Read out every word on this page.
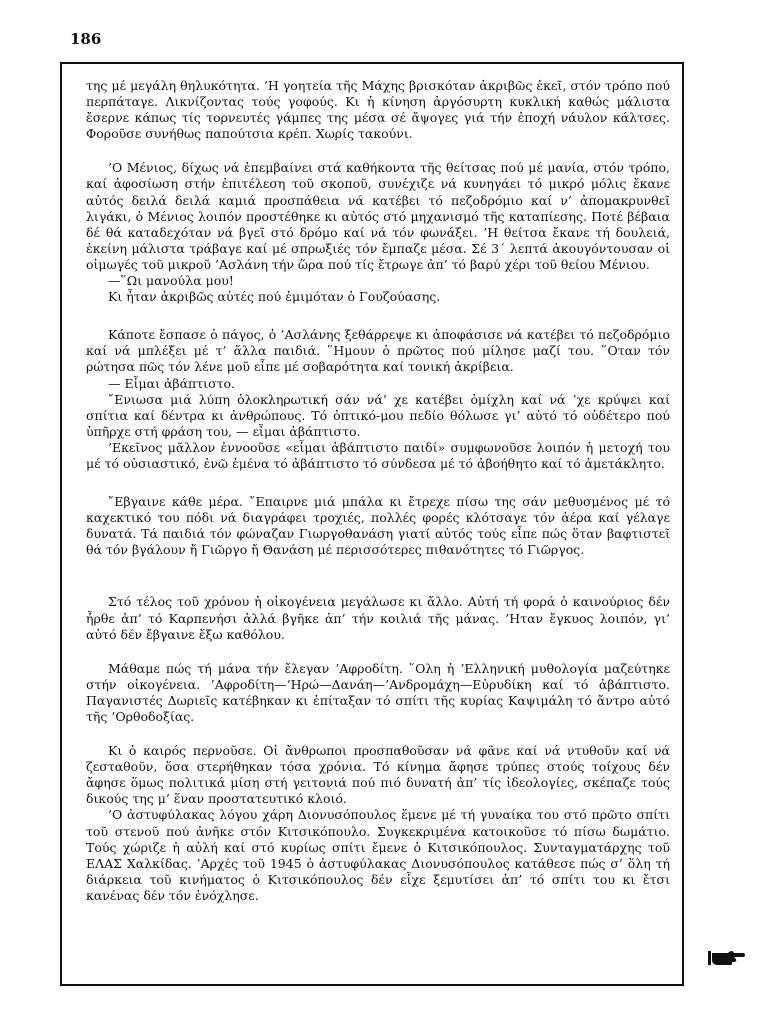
186

της μέ μεγάλη θηλυκότητα. ’Η γοητεία τῆς Μάχης βρισκόταν ἀκριβῶς ἐκεῖ, στόν τρόπο πού περπάταγε. Λικνίζοντας τούς γοφούς. Κι ἡ κίνηση ἀργόσυρτη κυκλική καθώς μάλιστα ἔσερνε κάπως τίς τορνευτές γάμπες της μέσα σέ ἄψογες γιά τήν ἐποχή νάυλον κάλτσες. Φοροῦσε συνήθως παπούτσια κρέπ. Χωρίς τακούνι.

’Ο Μένιος, δίχως νά ἐπεμβαίνει στά καθήκοντα τῆς θείτσας πού μέ μανία, στόν τρόπο, καί ἀφοσίωση στήν ἐπιτέλεση τοῦ σκοποῦ, συνέχιζε νά κυνηγάει τό μικρό μόλις ἔκανε αὐτός δειλά δειλά καμιά προσπάθεια νά κατέβει τό πεζοδρόμιο καί ν’ ἀπομακρυνθεῖ λιγάκι, ὁ Μένιος λοιπόν προστέθηκε κι αὐτός στό μηχανισμό τῆς καταπίεσης. Ποτέ βέβαια δέ θά καταδεχόταν νά βγεῖ στό δρόμο καί νά τόν φωνάξει. ’Η θείτσα ἔκανε τή δουλειά, ἐκείνη μάλιστα τράβαγε καί μέ σπρωξιές τόν ἔμπαζε μέσα. Σέ 3΄ λεπτά ἀκουγόντουσαν οἱ οἰμωγές τοῦ μικροῦ ’Ασλάνη τήν ὥρα πού τίς ἔτρωγε ἀπ’ τό βαρύ χέρι τοῦ θείου Μένιου.

—῞Ωι μανούλα μου!

Κι ἦταν ἀκριβῶς αὐτές πού ἐμιμόταν ὁ Γουζούασης.

Κάποτε ἔσπασε ὁ πάγος, ὁ ’Ασλάνης ξεθάρρεψε κι ἀποφάσισε νά κατέβει τό πεζοδρόμιο καί νά μπλέξει μέ τ’ ἄλλα παιδιά. ῞Ημουν ὁ πρῶτος πού μίλησε μαζί του. ῞Οταν τόν ρώτησα πῶς τόν λένε μοῦ εἶπε μέ σοβαρότητα καί τονική ἀκρίβεια.

— Εἶμαι ἀβάπτιστο.

῎Ενιωσα μιά λύπη ὁλοκληρωτική σάν νά’ χε κατέβει ὁμίχλη καί νά ’χε κρύψει καί σπίτια καί δέντρα κι ἀνθρώπους. Τό ὀπτικό-μου πεδίο θόλωσε γι’ αὐτό τό οὐδέτερο πού ὑπῆρχε στή φράση του, — εἶμαι ἀβάπτιστο.

’Εκεῖνος μᾶλλον ἐννοοῦσε «εἶμαι ἀβάπτιστο παιδί» συμφωνοῦσε λοιπόν ἡ μετοχή του μέ τό οὐσιαστικό, ἐνῶ ἐμένα τό ἀβάπτιστο τό σύνδεσα μέ τό ἀβοήθητο καί τό ἀμετάκλητο.

῎Εβγαινε κάθε μέρα. ῎Επαιρνε μιά μπάλα κι ἔτρεχε πίσω της σάν μεθυσμένος μέ τό καχεκτικό του πόδι νά διαγράφει τροχιές, πολλές φορές κλότσαγε τόν ἀέρα καί γέλαγε δυνατά. Τά παιδιά τόν φώναζαν Γιωργοθανάση γιατί αὐτός τούς εἶπε πώς ὅταν βαφτιστεῖ θά τόν βγάλουν ἤ Γιῶργο ἤ Θανάση μέ περισσότερες πιθανότητες τό Γιῶργος.

Στό τέλος τοῦ χρόνου ἡ οἰκογένεια μεγάλωσε κι ἄλλο. Αὐτή τή φορά ὁ καινούριος δέν ἦρθε ἀπ’ τό Καρπενήσι ἀλλά βγῆκε ἀπ’ τήν κοιλιά τῆς μάνας. ’Ηταν ἔγκυος λοιπόν, γι’ αὐτό δέν ἔβγαινε ἔξω καθόλου.

Μάθαμε πώς τή μάνα τήν ἔλεγαν ’Αφροδίτη. ῞Ολη ἡ ’Ελληνική μυθολογία μαζεύτηκε στήν οἰκογένεια. ’Αφροδίτη—’Ηρώ—Δανάη—’Ανδρομάχη—Εὐρυδίκη καί τό ἀβάπτιστο. Παγανιστές Δωριεῖς κατέβηκαν κι ἐπίταξαν τό σπίτι τῆς κυρίας Καψιμάλη τό ἄντρο αὐτό τῆς ’Ορθοδοξίας.

Κι ὁ καιρός περνοῦσε. Οἱ ἄνθρωποι προσπαθοῦσαν νά φᾶνε καί νά ντυθοῦν καί νά ζεσταθοῦν, ὅσα στερήθηκαν τόσα χρόνια. Τό κίνημα ἄφησε τρύπες στούς τοίχους δέν ἄφησε ὅμως πολιτικά μίση στή γειτονιά πού πιό δυνατή ἀπ’ τίς ἰδεολογίες, σκέπαζε τούς δικούς της μ’ ἕναν προστατευτικό κλοιό.

’Ο ἀστυφύλακας λόγου χάρη Διονυσόπουλος ἔμενε μέ τή γυναίκα του στό πρῶτο σπίτι τοῦ στενοῦ πού ἀνῆκε στόν Κιτσικόπουλο. Συγκεκριμένα κατοικοῦσε τό πίσω δωμάτιο. Τούς χώριζε ἡ αὐλή καί στό κυρίως σπίτι ἔμενε ὁ Κιτσικόπουλος. Συνταγματάρχης τοῦ ΕΛΑΣ Χαλκίδας. ’Αρχές τοῦ 1945 ὁ ἀστυφύλακας Διονυσόπουλος κατάθεσε πώς σ’ ὅλη τή διάρκεια τοῦ κινήματος ὁ Κιτσικόπουλος δέν εἶχε ξεμυτίσει ἀπ’ τό σπίτι του κι ἔτσι κανένας δέν τόν ἐνόχλησε.
